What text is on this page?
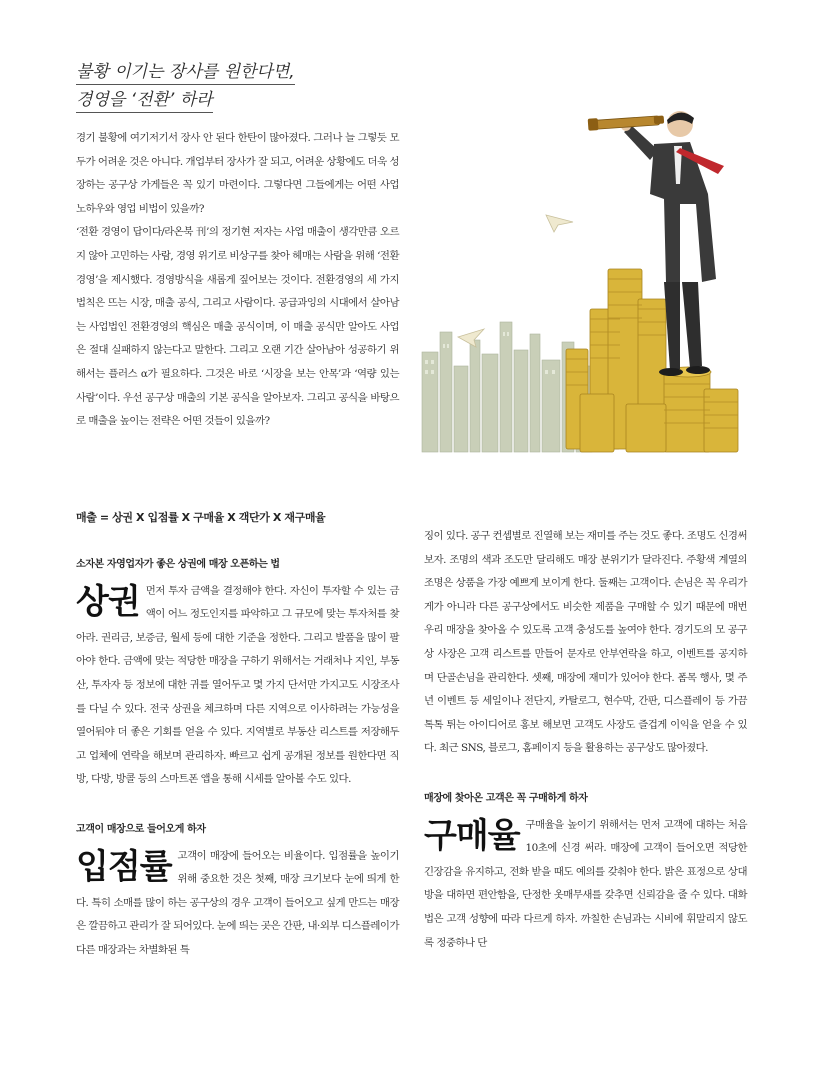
불황 이기는 장사를 원한다면,
경영을 ‘전환’ 하라

경기 불황에 여기저기서 장사 안 된다 한탄이 많아졌다. 그러나 늘 그렇듯 모두가 어려운 것은 아니다. 개업부터 장사가 잘 되고, 어려운 상황에도 더욱 성장하는 공구상 가게들은 꼭 있기 마련이다. 그렇다면 그들에게는 어떤 사업 노하우와 영업 비법이 있을까?

‘전환 경영이 답이다/라온북 刊’의 정기현 저자는 사업 매출이 생각만큼 오르지 않아 고민하는 사람, 경영 위기로 비상구를 찾아 헤매는 사람을 위해 ‘전환경영’을 제시했다. 경영방식을 새롭게 짚어보는 것이다. 전환경영의 세 가지 법칙은 뜨는 시장, 매출 공식, 그리고 사람이다. 공급과잉의 시대에서 살아남는 사업법인 전환경영의 핵심은 매출 공식이며, 이 매출 공식만 알아도 사업은 절대 실패하지 않는다고 말한다. 그리고 오랜 기간 살아남아 성공하기 위해서는 플러스 α가 필요하다. 그것은 바로 ‘시장을 보는 안목’과 ‘역량 있는 사람’이다. 우선 공구상 매출의 기본 공식을 알아보자. 그리고 공식을 바탕으로 매출을 높이는 전략은 어떤 것들이 있을까?

매출 = 상권 X 입점률 X 구매율 X 객단가 X 재구매율
소자본 자영업자가 좋은 상권에 매장 오픈하는 법
상권 먼저 투자 금액을 결정해야 한다. 자신이 투자할 수 있는 금액이 어느 정도인지를 파악하고 그 규모에 맞는 투자처를 찾아라. 권리금, 보증금, 월세 등에 대한 기준을 정한다. 그리고 발품을 많이 팔아야 한다. 금액에 맞는 적당한 매장을 구하기 위해서는 거래처나 지인, 부동산, 투자자 등 정보에 대한 귀를 열어두고 몇 가지 단서만 가지고도 시장조사를 다닐 수 있다. 전국 상권을 체크하며 다른 지역으로 이사하려는 가능성을 열어둬야 더 좋은 기회를 얻을 수 있다. 지역별로 부동산 리스트를 저장해두고 업체에 연락을 해보며 관리하자. 빠르고 쉽게 공개된 정보를 원한다면 직방, 다방, 방콜 등의 스마트폰 앱을 통해 시세를 알아볼 수도 있다.

고객이 매장으로 들어오게 하자
입점률 고객이 매장에 들어오는 비율이다. 입점률을 높이기 위해 중요한 것은 첫째, 매장 크기보다 눈에 띄게 한다. 특히 소매를 많이 하는 공구상의 경우 고객이 들어오고 싶게 만드는 매장은 깔끔하고 관리가 잘 되어있다. 눈에 띄는 곳은 간판, 내·외부 디스플레이가 다른 매장과는 차별화된 특

징이 있다. 공구 컨셉별로 진열해 보는 재미를 주는 것도 좋다. 조명도 신경써보자. 조명의 색과 조도만 달리해도 매장 분위기가 달라진다. 주황색 계열의 조명은 상품을 가장 예쁘게 보이게 한다. 둘째는 고객이다. 손님은 꼭 우리가게가 아니라 다른 공구상에서도 비슷한 제품을 구매할 수 있기 때문에 매번 우리 매장을 찾아올 수 있도록 고객 충성도를 높여야 한다. 경기도의 모 공구상 사장은 고객 리스트를 만들어 문자로 안부연락을 하고, 이벤트를 공지하며 단골손님을 관리한다. 셋째, 매장에 재미가 있어야 한다. 폼목 행사, 몇 주년 이벤트 등 세일이나 전단지, 카탈로그, 현수막, 간판, 디스플레이 등 가끔 톡톡 튀는 아이디어로 홍보 해보면 고객도 사장도 즐겁게 이익을 얻을 수 있다. 최근 SNS, 블로그, 홈페이지 등을 활용하는 공구상도 많아졌다.

매장에 찾아온 고객은 꼭 구매하게 하자
구매율 구매율을 높이기 위해서는 먼저 고객에 대하는 처음 10초에 신경 써라. 매장에 고객이 들어오면 적당한 긴장감을 유지하고, 전화 받을 때도 예의를 갖춰야 한다. 밝은 표정으로 상대방을 대하면 편안함을, 단정한 옷매무새를 갖추면 신뢰감을 줄 수 있다. 대화법은 고객 성향에 따라 다르게 하자. 까칠한 손님과는 시비에 휘말리지 않도록 정중하나 단
